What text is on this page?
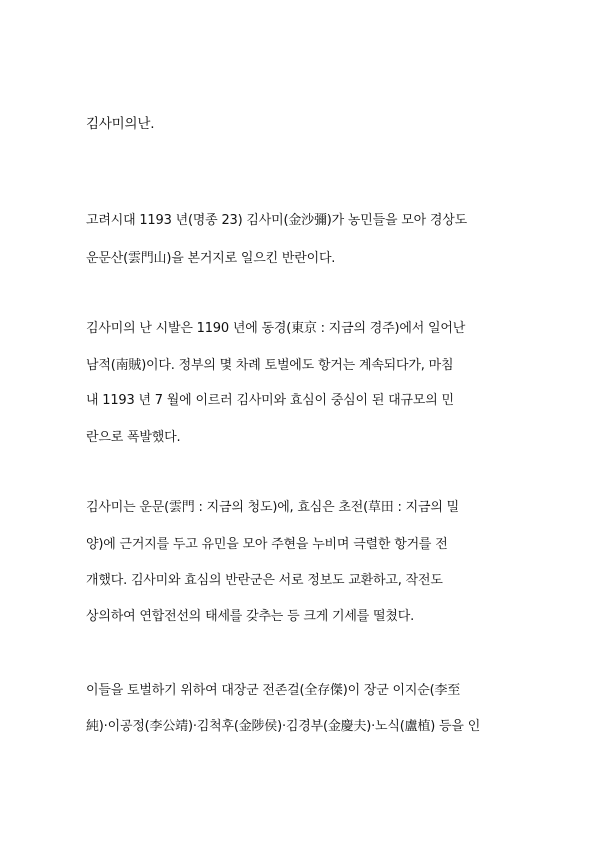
김사미의난.
고려시대 1193 년(명종 23) 김사미(金沙彌)가 농민들을 모아 경상도
운문산(雲門山)을 본거지로 일으킨 반란이다.
김사미의 난 시발은 1190 년에 동경(東京 : 지금의 경주)에서 일어난
남적(南賊)이다. 정부의 몇 차례 토벌에도 항거는 계속되다가, 마침
내 1193 년 7 월에 이르러 김사미와 효심이 중심이 된 대규모의 민
란으로 폭발했다.
김사미는 운문(雲門 : 지금의 청도)에, 효심은 초전(草田 : 지금의 밀
양)에 근거지를 두고 유민을 모아 주현을 누비며 극렬한 항거를 전
개했다. 김사미와 효심의 반란군은 서로 정보도 교환하고, 작전도
상의하여 연합전선의 태세를 갖추는 등 크게 기세를 떨쳤다.
이들을 토벌하기 위하여 대장군 전존걸(全存傑)이 장군 이지순(李至
純)·이공정(李公靖)·김척후(金陟侯)·김경부(金慶夫)·노식(盧植) 등을 인
